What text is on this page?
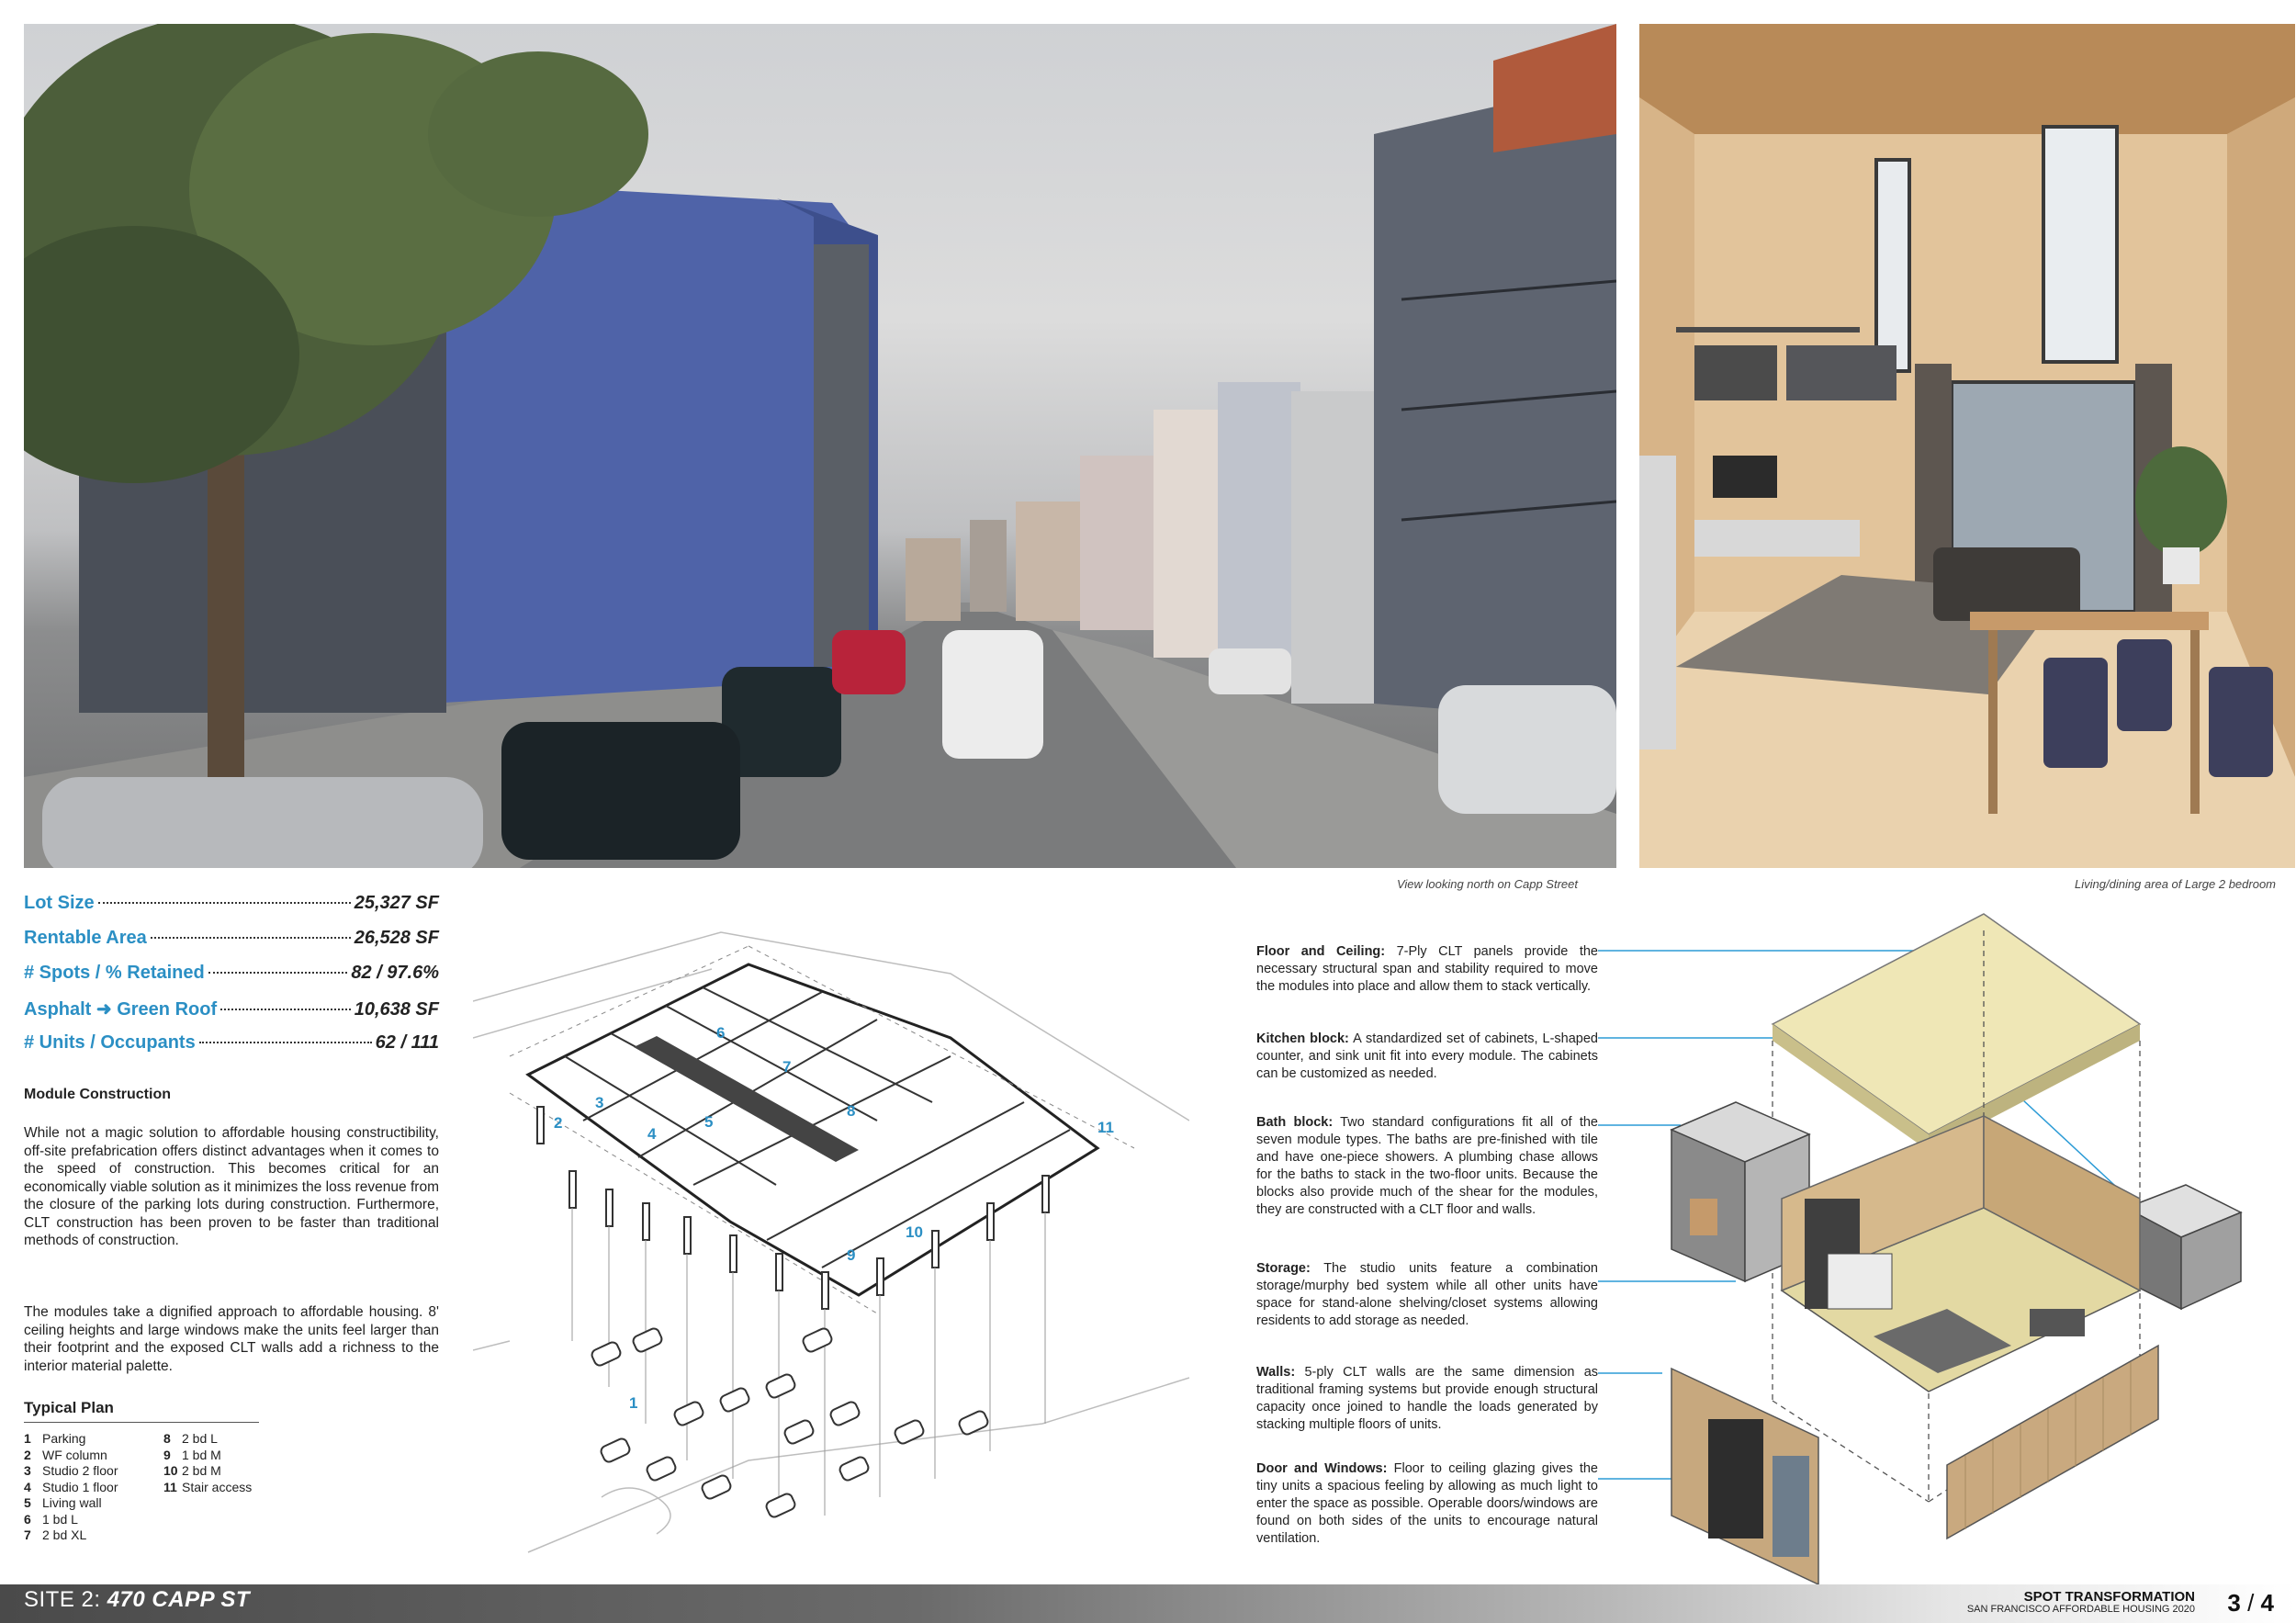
View looking north on Capp Street	Living/dining area of Large 2 bedroom
Lot Size	25,327 SF
Rentable Area	26,528 SF
# Spots / % Retained	82 / 97.6%
Asphalt ➜ Green Roof	10,638 SF
# Units / Occupants	62 / 111
Module Construction
While not a magic solution to affordable housing constructibility, off-site prefabrication offers distinct advantages when it comes to the speed of construction. This becomes critical for an economically viable solution as it minimizes the loss revenue from the closure of the parking lots during construction. Furthermore, CLT construction has been proven to be faster than traditional methods of construction.
The modules take a dignified approach to affordable housing. 8' ceiling heights and large windows make the units feel larger than their footprint and the exposed CLT walls add a richness to the interior material palette.
Typical Plan
1 Parking
2 WF column
3 Studio 2 floor
4 Studio 1 floor
5 Living wall
6 1 bd L
7 2 bd XL
8 2 bd L
9 1 bd M
10 2 bd M
11 Stair access
1
2
3
4
5
6
7
8
9
10
11
Floor and Ceiling: 7-Ply CLT panels provide the necessary structural span and stability required to move the modules into place and allow them to stack vertically.
Kitchen block: A standardized set of cabinets, L-shaped counter, and sink unit fit into every module. The cabinets can be customized as needed.
Bath block: Two standard configurations fit all of the seven module types. The baths are pre-finished with tile and have one-piece showers. A plumbing chase allows for the baths to stack in the two-floor units. Because the blocks also provide much of the shear for the modules, they are constructed with a CLT floor and walls.
Storage: The studio units feature a combination storage/murphy bed system while all other units have space for stand-alone shelving/closet systems allowing residents to add storage as needed.
Walls: 5-ply CLT walls are the same dimension as traditional framing systems but provide enough structural capacity once joined to handle the loads generated by stacking multiple floors of units.
Door and Windows: Floor to ceiling glazing gives the tiny units a spacious feeling by allowing as much light to enter the space as possible. Operable doors/windows are found on both sides of the units to encourage natural ventilation.
SITE 2: 470 CAPP ST	SPOT TRANSFORMATION
SAN FRANCISCO AFFORDABLE HOUSING 2020 3 / 4
